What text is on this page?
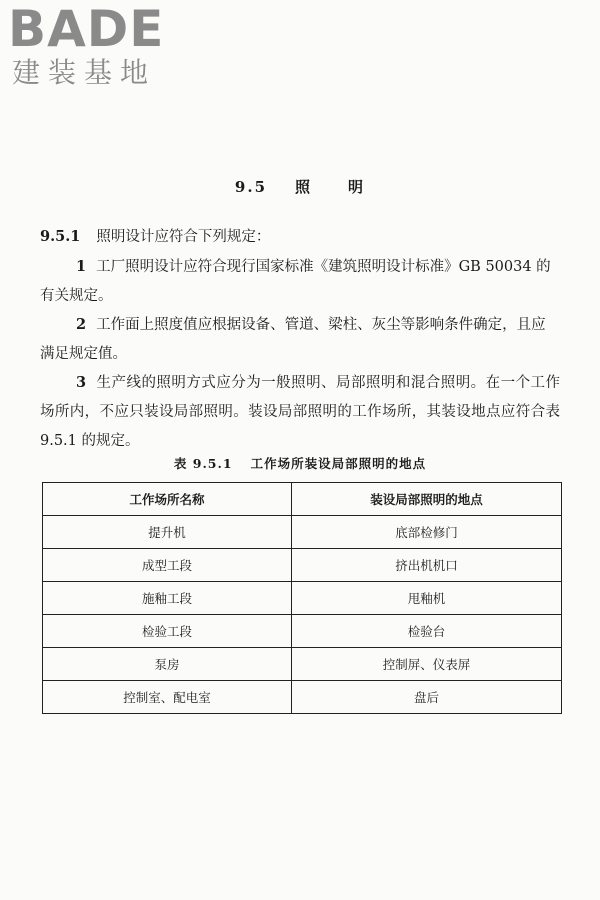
BADE
建装基地
9.5 照 明
9.5.1 照明设计应符合下列规定：
1 工厂照明设计应符合现行国家标准《建筑照明设计标准》GB 50034 的有关规定。
2 工作面上照度值应根据设备、管道、梁柱、灰尘等影响条件确定，且应满足规定值。
3 生产线的照明方式应分为一般照明、局部照明和混合照明。在一个工作场所内，不应只装设局部照明。装设局部照明的工作场所，其装设地点应符合表 9.5.1 的规定。
表 9.5.1 工作场所装设局部照明的地点
工作场所名称	装设局部照明的地点
提升机	底部检修门
成型工段	挤出机机口
施釉工段	甩釉机
检验工段	检验台
泵房	控制屏、仪表屏
控制室、配电室	盘后
